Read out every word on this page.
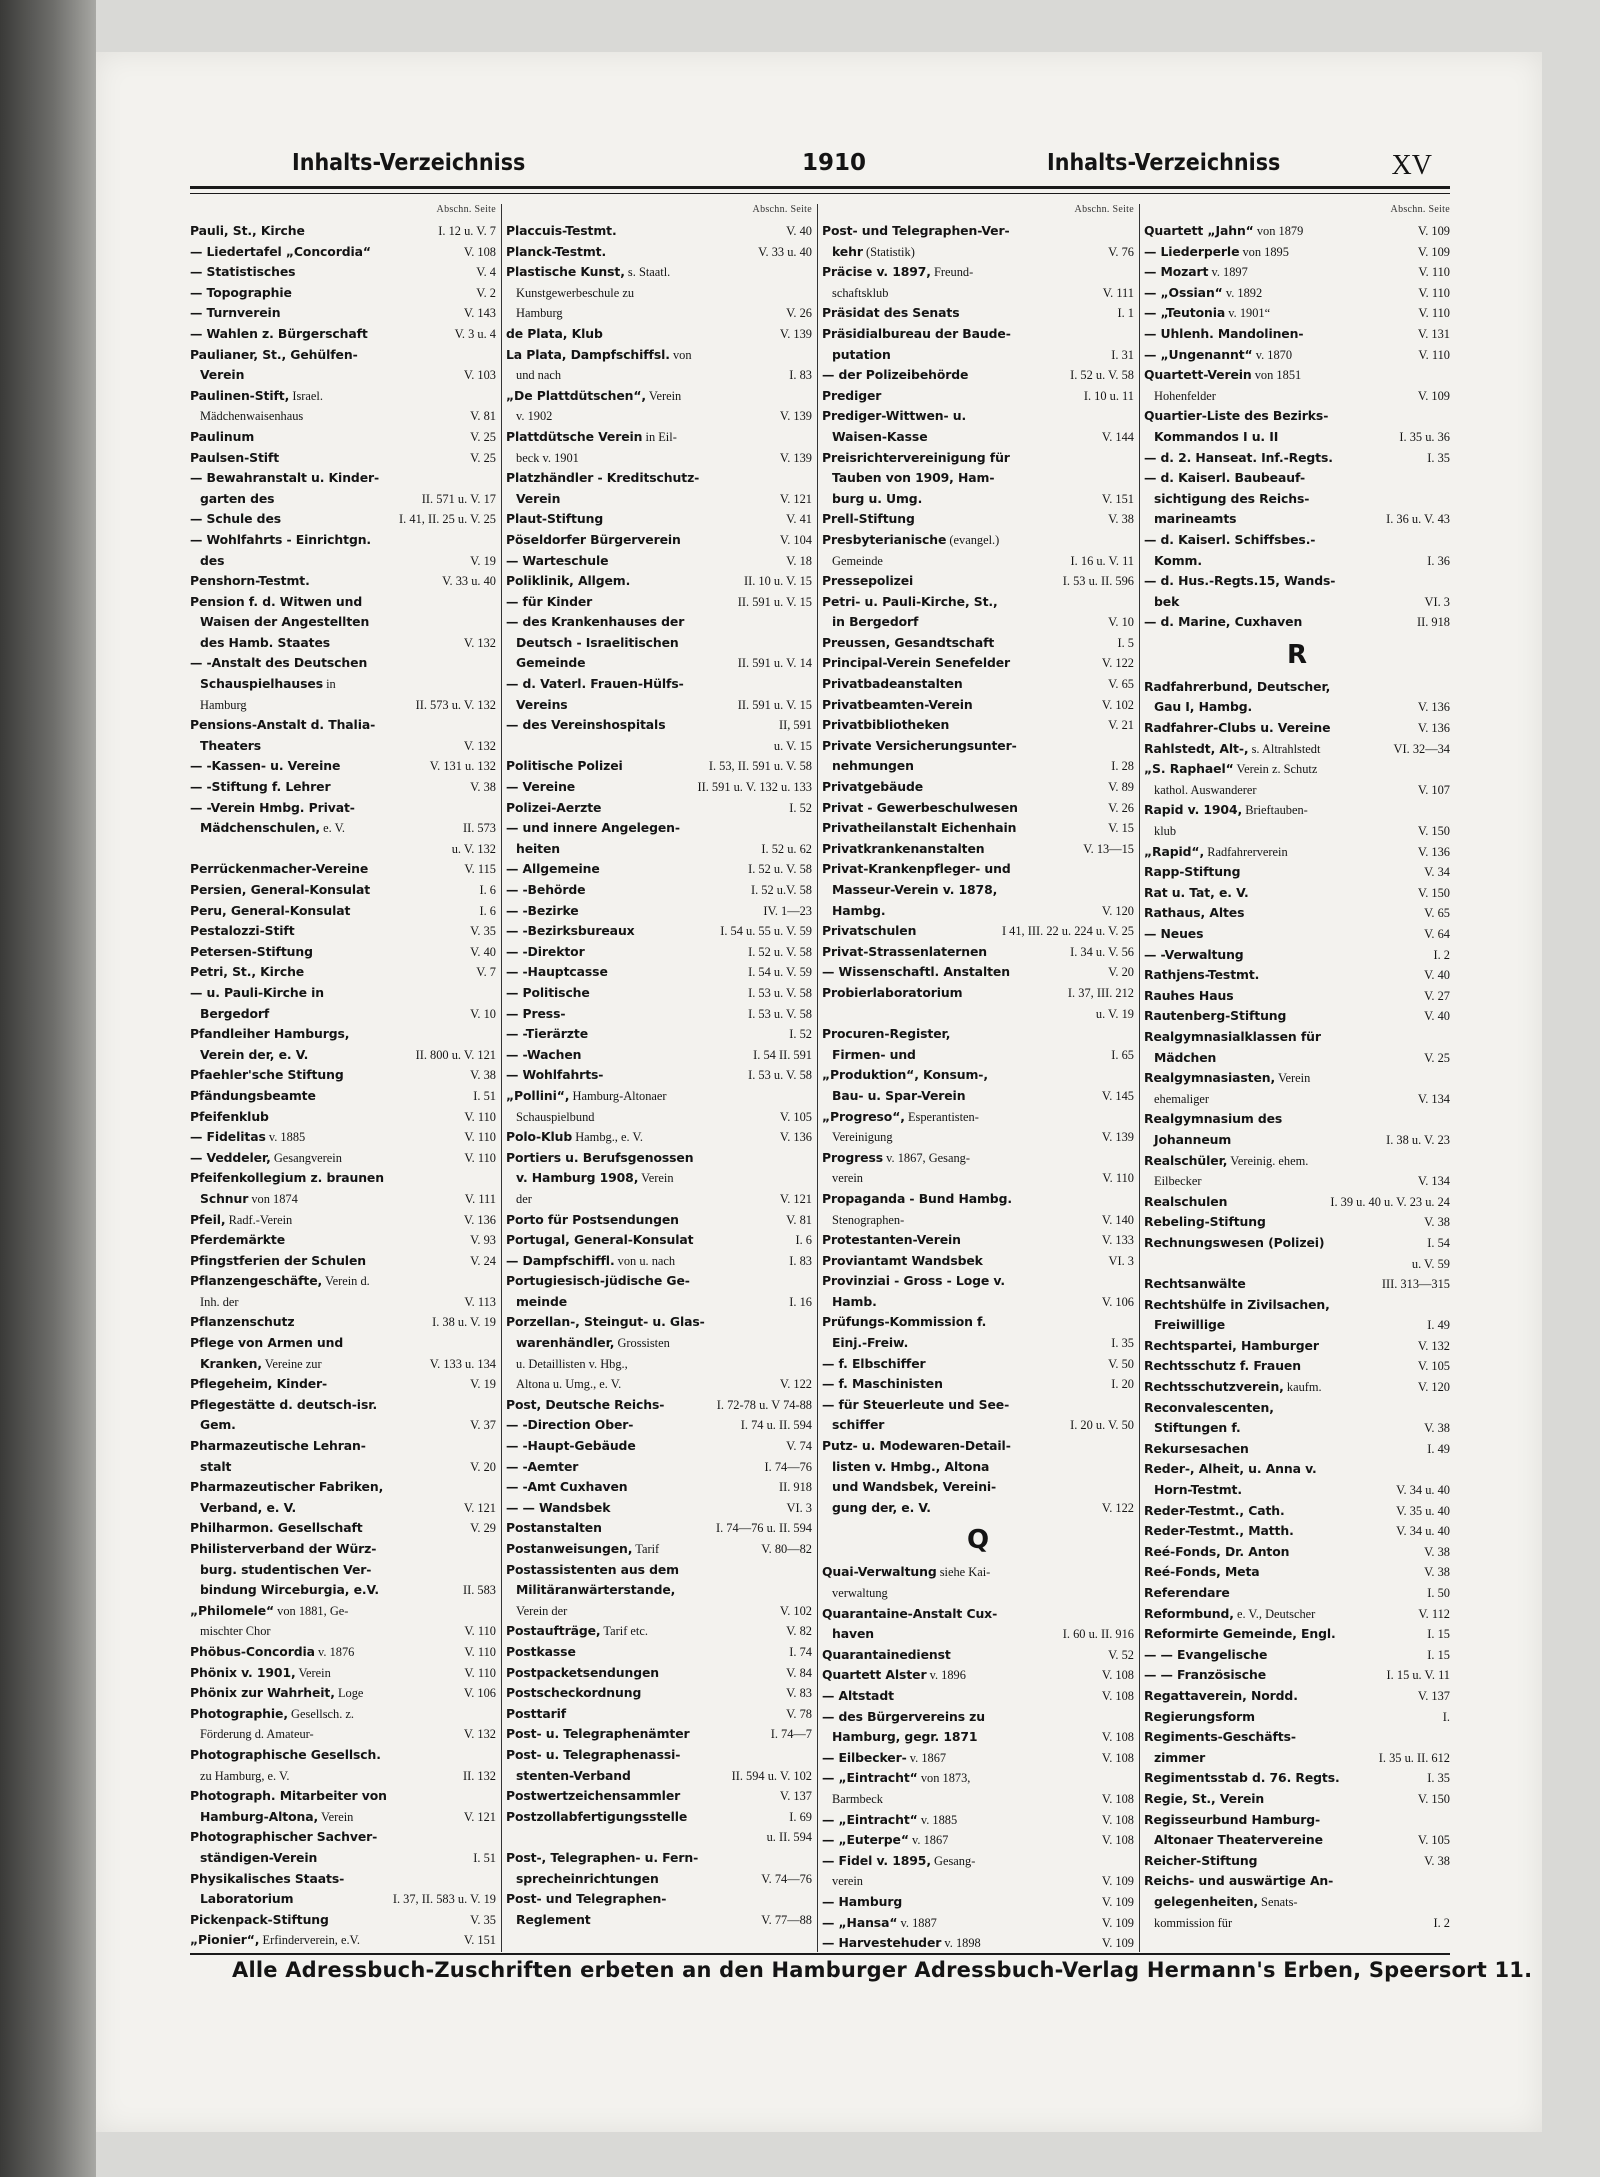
Inhalts-Verzeichniss	1910	Inhalts-Verzeichniss	XV
Abschn. Seite
Pauli, St., Kirche	I. 12 u. V. 7
— Liedertafel „Concordia“	V. 108
— Statistisches	V. 4
— Topographie	V. 2
— Turnverein	V. 143
— Wahlen z. Bürgerschaft	V. 3 u. 4
Paulianer, St., Gehülfen-
Verein	V. 103
Paulinen-Stift, Israel.
Mädchenwaisenhaus	V. 81
Paulinum	V. 25
Paulsen-Stift	V. 25
— Bewahranstalt u. Kinder-
garten des	II. 571 u. V. 17
— Schule des	I. 41, II. 25 u. V. 25
— Wohlfahrts - Einrichtgn.
des	V. 19
Penshorn-Testmt.	V. 33 u. 40
Pension f. d. Witwen und
Waisen der Angestellten
des Hamb. Staates	V. 132
— -Anstalt des Deutschen
Schauspielhauses in
Hamburg	II. 573 u. V. 132
Pensions-Anstalt d. Thalia-
Theaters	V. 132
— -Kassen- u. Vereine	V. 131 u. 132
— -Stiftung f. Lehrer	V. 38
— -Verein Hmbg. Privat-
Mädchenschulen, e. V.	II. 573
u. V. 132
Perrückenmacher-Vereine	V. 115
Persien, General-Konsulat	I. 6
Peru, General-Konsulat	I. 6
Pestalozzi-Stift	V. 35
Petersen-Stiftung	V. 40
Petri, St., Kirche	V. 7
— u. Pauli-Kirche in
Bergedorf	V. 10
Pfandleiher Hamburgs,
Verein der, e. V.	II. 800 u. V. 121
Pfaehler'sche Stiftung	V. 38
Pfändungsbeamte	I. 51
Pfeifenklub	V. 110
— Fidelitas v. 1885	V. 110
— Veddeler, Gesangverein	V. 110
Pfeifenkollegium z. braunen
Schnur von 1874	V. 111
Pfeil, Radf.-Verein	V. 136
Pferdemärkte	V. 93
Pfingstferien der Schulen	V. 24
Pflanzengeschäfte, Verein d.
Inh. der	V. 113
Pflanzenschutz	I. 38 u. V. 19
Pflege von Armen und
Kranken, Vereine zur	V. 133 u. 134
Pflegeheim, Kinder-	V. 19
Pflegestätte d. deutsch-isr.
Gem.	V. 37
Pharmazeutische Lehran-
stalt	V. 20
Pharmazeutischer Fabriken,
Verband, e. V.	V. 121
Philharmon. Gesellschaft	V. 29
Philisterverband der Würz-
burg. studentischen Ver-
bindung Wirceburgia, e.V.	II. 583
„Philomele“ von 1881, Ge-
mischter Chor	V. 110
Phöbus-Concordia v. 1876	V. 110
Phönix v. 1901, Verein	V. 110
Phönix zur Wahrheit, Loge	V. 106
Photographie, Gesellsch. z.
Förderung d. Amateur-	V. 132
Photographische Gesellsch.
zu Hamburg, e. V.	II. 132
Photograph. Mitarbeiter von
Hamburg-Altona, Verein	V. 121
Photographischer Sachver-
ständigen-Verein	I. 51
Physikalisches Staats-
Laboratorium	I. 37, II. 583 u. V. 19
Pickenpack-Stiftung	V. 35
„Pionier“, Erfinderverein, e.V.	V. 151
Abschn. Seite
Placcuis-Testmt.	V. 40
Planck-Testmt.	V. 33 u. 40
Plastische Kunst, s. Staatl.
Kunstgewerbeschule zu
Hamburg	V. 26
de Plata, Klub	V. 139
La Plata, Dampfschiffsl. von
und nach	I. 83
„De Plattdütschen“, Verein
v. 1902	V. 139
Plattdütsche Verein in Eil-
beck v. 1901	V. 139
Platzhändler - Kreditschutz-
Verein	V. 121
Plaut-Stiftung	V. 41
Pöseldorfer Bürgerverein	V. 104
— Warteschule	V. 18
Poliklinik, Allgem.	II. 10 u. V. 15
— für Kinder	II. 591 u. V. 15
— des Krankenhauses der
Deutsch - Israelitischen
Gemeinde	II. 591 u. V. 14
— d. Vaterl. Frauen-Hülfs-
Vereins	II. 591 u. V. 15
— des Vereinshospitals	II, 591
u. V. 15
Politische Polizei	I. 53, II. 591 u. V. 58
— Vereine	II. 591 u. V. 132 u. 133
Polizei-Aerzte	I. 52
— und innere Angelegen-
heiten	I. 52 u. 62
— Allgemeine	I. 52 u. V. 58
— -Behörde	I. 52 u.V. 58
— -Bezirke	IV. 1—23
— -Bezirksbureaux	I. 54 u. 55 u. V. 59
— -Direktor	I. 52 u. V. 58
— -Hauptcasse	I. 54 u. V. 59
— Politische	I. 53 u. V. 58
— Press-	I. 53 u. V. 58
— -Tierärzte	I. 52
— -Wachen	I. 54 II. 591
— Wohlfahrts-	I. 53 u. V. 58
„Pollini“, Hamburg-Altonaer
Schauspielbund	V. 105
Polo-Klub Hambg., e. V.	V. 136
Portiers u. Berufsgenossen
v. Hamburg 1908, Verein
der	V. 121
Porto für Postsendungen	V. 81
Portugal, General-Konsulat	I. 6
— Dampfschiffl. von u. nach	I. 83
Portugiesisch-jüdische Ge-
meinde	I. 16
Porzellan-, Steingut- u. Glas-
warenhändler, Grossisten
u. Detaillisten v. Hbg.,
Altona u. Umg., e. V.	V. 122
Post, Deutsche Reichs-	I. 72-78 u. V 74-88
— -Direction Ober-	I. 74 u. II. 594
— -Haupt-Gebäude	V. 74
— -Aemter	I. 74—76
— -Amt Cuxhaven	II. 918
— — Wandsbek	VI. 3
Postanstalten	I. 74—76 u. II. 594
Postanweisungen, Tarif	V. 80—82
Postassistenten aus dem
Militäranwärterstande,
Verein der	V. 102
Postaufträge, Tarif etc.	V. 82
Postkasse	I. 74
Postpacketsendungen	V. 84
Postscheckordnung	V. 83
Posttarif	V. 78
Post- u. Telegraphenämter	I. 74—7
Post- u. Telegraphenassi-
stenten-Verband	II. 594 u. V. 102
Postwertzeichensammler	V. 137
Postzollabfertigungsstelle	I. 69
u. II. 594
Post-, Telegraphen- u. Fern-
sprecheinrichtungen	V. 74—76
Post- und Telegraphen-
Reglement	V. 77—88
Abschn. Seite
Post- und Telegraphen-Ver-
kehr (Statistik)	V. 76
Präcise v. 1897, Freund-
schaftsklub	V. 111
Präsidat des Senats	I. 1
Präsidialbureau der Baude-
putation	I. 31
— der Polizeibehörde	I. 52 u. V. 58
Prediger	I. 10 u. 11
Prediger-Wittwen- u.
Waisen-Kasse	V. 144
Preisrichtervereinigung für
Tauben von 1909, Ham-
burg u. Umg.	V. 151
Prell-Stiftung	V. 38
Presbyterianische (evangel.)
Gemeinde	I. 16 u. V. 11
Pressepolizei	I. 53 u. II. 596
Petri- u. Pauli-Kirche, St.,
in Bergedorf	V. 10
Preussen, Gesandtschaft	I. 5
Principal-Verein Senefelder	V. 122
Privatbadeanstalten	V. 65
Privatbeamten-Verein	V. 102
Privatbibliotheken	V. 21
Private Versicherungsunter-
nehmungen	I. 28
Privatgebäude	V. 89
Privat - Gewerbeschulwesen	V. 26
Privatheilanstalt Eichenhain	V. 15
Privatkrankenanstalten	V. 13—15
Privat-Krankenpfleger- und
Masseur-Verein v. 1878,
Hambg.	V. 120
Privatschulen	I 41, III. 22 u. 224 u. V. 25
Privat-Strassenlaternen	I. 34 u. V. 56
— Wissenschaftl. Anstalten	V. 20
Probierlaboratorium	I. 37, III. 212
u. V. 19
Procuren-Register,
Firmen- und	I. 65
„Produktion“, Konsum-,
Bau- u. Spar-Verein	V. 145
„Progreso“, Esperantisten-
Vereinigung	V. 139
Progress v. 1867, Gesang-
verein	V. 110
Propaganda - Bund Hambg.
Stenographen-	V. 140
Protestanten-Verein	V. 133
Proviantamt Wandsbek	VI. 3
Provinziai - Gross - Loge v.
Hamb.	V. 106
Prüfungs-Kommission f.
Einj.-Freiw.	I. 35
— f. Elbschiffer	V. 50
— f. Maschinisten	I. 20
— für Steuerleute und See-
schiffer	I. 20 u. V. 50
Putz- u. Modewaren-Detail-
listen v. Hmbg., Altona
und Wandsbek, Vereini-
gung der, e. V.	V. 122
Q
Quai-Verwaltung siehe Kai-
verwaltung
Quarantaine-Anstalt Cux-
haven	I. 60 u. II. 916
Quarantainedienst	V. 52
Quartett Alster v. 1896	V. 108
— Altstadt	V. 108
— des Bürgervereins zu
Hamburg, gegr. 1871	V. 108
— Eilbecker- v. 1867	V. 108
— „Eintracht“ von 1873,
Barmbeck	V. 108
— „Eintracht“ v. 1885	V. 108
— „Euterpe“ v. 1867	V. 108
— Fidel v. 1895, Gesang-
verein	V. 109
— Hamburg	V. 109
— „Hansa“ v. 1887	V. 109
— Harvestehuder v. 1898	V. 109
Abschn. Seite
Quartett „Jahn“ von 1879	V. 109
— Liederperle von 1895	V. 109
— Mozart v. 1897	V. 110
— „Ossian“ v. 1892	V. 110
— „Teutonia v. 1901“	V. 110
— Uhlenh. Mandolinen-	V. 131
— „Ungenannt“ v. 1870	V. 110
Quartett-Verein von 1851
Hohenfelder	V. 109
Quartier-Liste des Bezirks-
Kommandos I u. II	I. 35 u. 36
— d. 2. Hanseat. Inf.-Regts.	I. 35
— d. Kaiserl. Baubeauf-
sichtigung des Reichs-
marineamts	I. 36 u. V. 43
— d. Kaiserl. Schiffsbes.-
Komm.	I. 36
— d. Hus.-Regts.15, Wands-
bek	VI. 3
— d. Marine, Cuxhaven	II. 918
R
Radfahrerbund, Deutscher,
Gau I, Hambg.	V. 136
Radfahrer-Clubs u. Vereine	V. 136
Rahlstedt, Alt-, s. Altrahlstedt	VI. 32—34
„S. Raphael“ Verein z. Schutz
kathol. Auswanderer	V. 107
Rapid v. 1904, Brieftauben-
klub	V. 150
„Rapid“, Radfahrerverein	V. 136
Rapp-Stiftung	V. 34
Rat u. Tat, e. V.	V. 150
Rathaus, Altes	V. 65
— Neues	V. 64
— -Verwaltung	I. 2
Rathjens-Testmt.	V. 40
Rauhes Haus	V. 27
Rautenberg-Stiftung	V. 40
Realgymnasialklassen für
Mädchen	V. 25
Realgymnasiasten, Verein
ehemaliger	V. 134
Realgymnasium des
Johanneum	I. 38 u. V. 23
Realschüler, Vereinig. ehem.
Eilbecker	V. 134
Realschulen	I. 39 u. 40 u. V. 23 u. 24
Rebeling-Stiftung	V. 38
Rechnungswesen (Polizei)	I. 54
u. V. 59
Rechtsanwälte	III. 313—315
Rechtshülfe in Zivilsachen,
Freiwillige	I. 49
Rechtspartei, Hamburger	V. 132
Rechtsschutz f. Frauen	V. 105
Rechtsschutzverein, kaufm.	V. 120
Reconvalescenten,
Stiftungen f.	V. 38
Rekursesachen	I. 49
Reder-, Alheit, u. Anna v.
Horn-Testmt.	V. 34 u. 40
Reder-Testmt., Cath.	V. 35 u. 40
Reder-Testmt., Matth.	V. 34 u. 40
Reé-Fonds, Dr. Anton	V. 38
Reé-Fonds, Meta	V. 38
Referendare	I. 50
Reformbund, e. V., Deutscher	V. 112
Reformirte Gemeinde, Engl.	I. 15
— — Evangelische	I. 15
— — Französische	I. 15 u. V. 11
Regattaverein, Nordd.	V. 137
Regierungsform	I.
Regiments-Geschäfts-
zimmer	I. 35 u. II. 612
Regimentsstab d. 76. Regts.	I. 35
Regie, St., Verein	V. 150
Regisseurbund Hamburg-
Altonaer Theatervereine	V. 105
Reicher-Stiftung	V. 38
Reichs- und auswärtige An-
gelegenheiten, Senats-
kommission für	I. 2
Alle Adressbuch-Zuschriften erbeten an den Hamburger Adressbuch-Verlag Hermann's Erben, Speersort 11.
